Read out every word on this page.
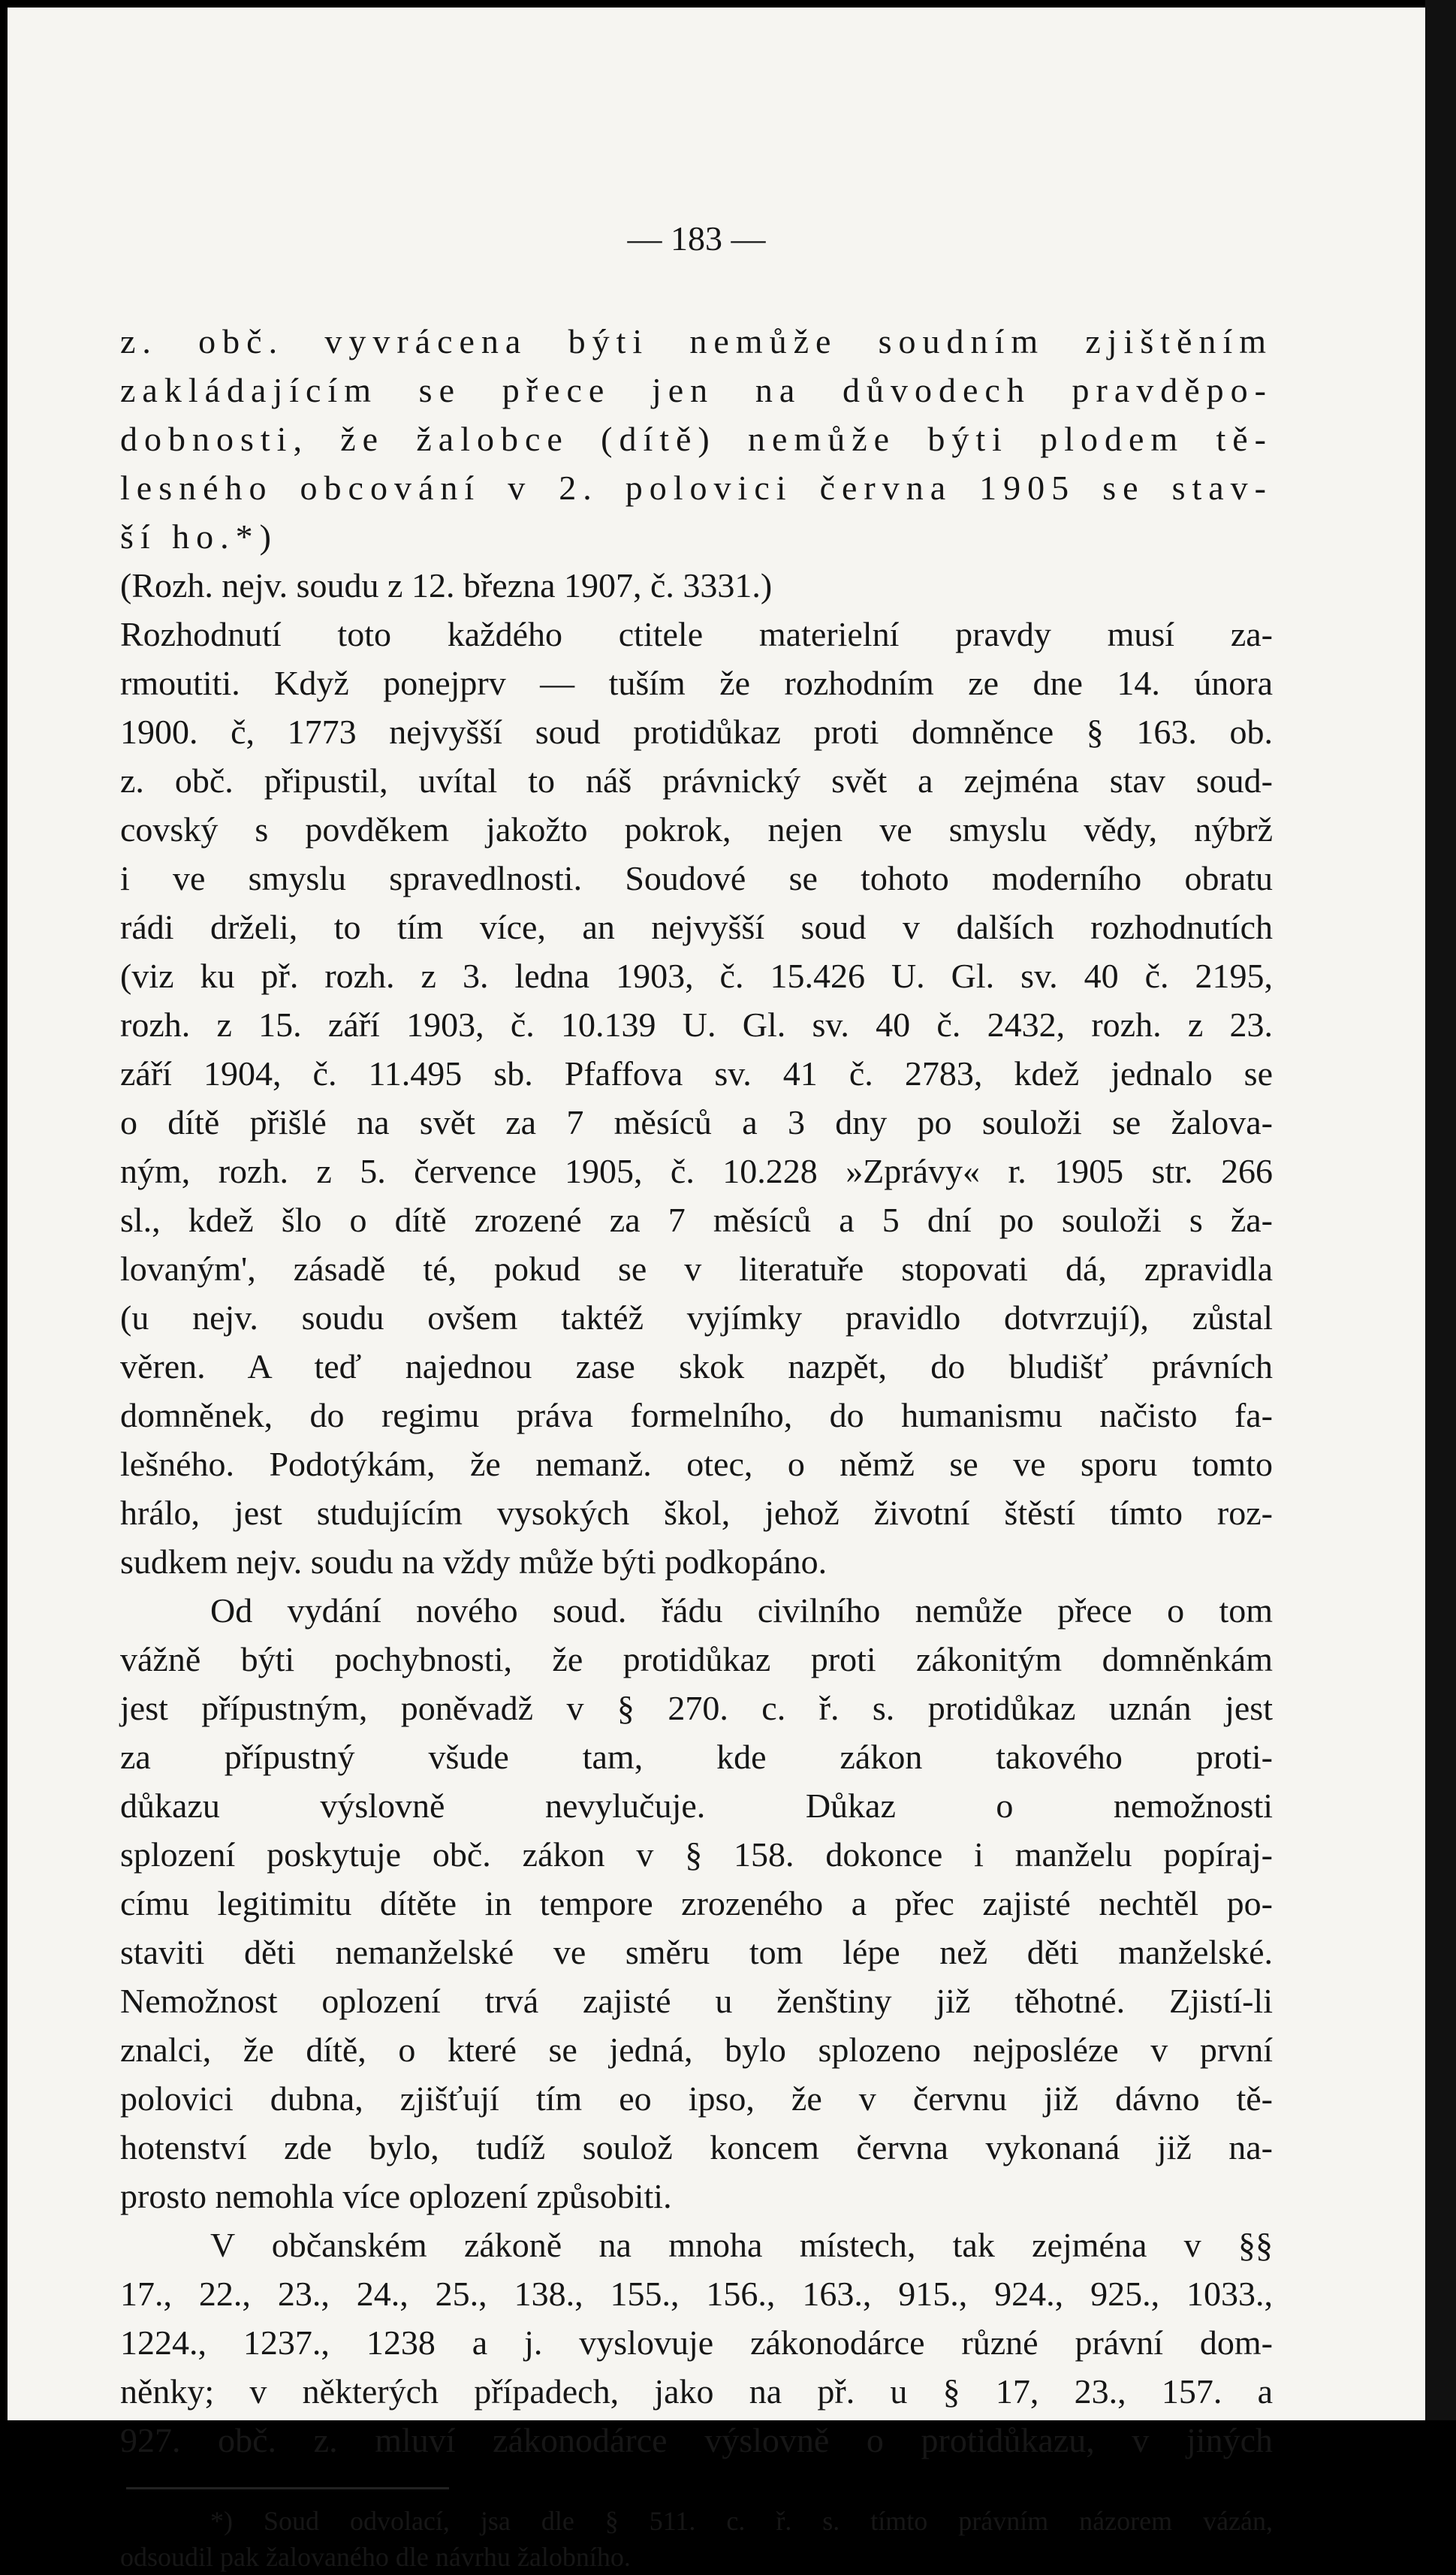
— 183 —

z. obč. vyvrácena býti nemůže soudním zjištěním
zakládajícím se přece jen na důvodech pravděpo-
dobnosti, že žalobce (dítě) nemůže býti plodem tě-
lesného obcování v 2. polovici června 1905 se stav-
ší ho.*)

(Rozh. nejv. soudu z 12. března 1907, č. 3331.)

Rozhodnutí toto každého ctitele materielní pravdy musí za-
rmoutiti. Když ponejprv — tuším že rozhodním ze dne 14. února
1900. č, 1773 nejvyšší soud protidůkaz proti domněnce § 163. ob.
z. obč. připustil, uvítal to náš právnický svět a zejména stav soud-
covský s povděkem jakožto pokrok, nejen ve smyslu vědy, nýbrž
i ve smyslu spravedlnosti. Soudové se tohoto moderního obratu
rádi drželi, to tím více, an nejvyšší soud v dalších rozhodnutích
(viz ku př. rozh. z 3. ledna 1903, č. 15.426 U. Gl. sv. 40 č. 2195,
rozh. z 15. září 1903, č. 10.139 U. Gl. sv. 40 č. 2432, rozh. z 23.
září 1904, č. 11.495 sb. Pfaffova sv. 41 č. 2783, kdež jednalo se
o dítě přišlé na svět za 7 měsíců a 3 dny po souloži se žalova-
ným, rozh. z 5. července 1905, č. 10.228 »Zprávy« r. 1905 str. 266
sl., kdež šlo o dítě zrozené za 7 měsíců a 5 dní po souloži s ža-
lovaným', zásadě té, pokud se v literatuře stopovati dá, zpravidla
(u nejv. soudu ovšem taktéž vyjímky pravidlo dotvrzují), zůstal
věren. A teď najednou zase skok nazpět, do bludišť právních
domněnek, do regimu práva formelního, do humanismu načisto fa-
lešného. Podotýkám, že nemanž. otec, o němž se ve sporu tomto
hrálo, jest studujícím vysokých škol, jehož životní štěstí tímto roz-
sudkem nejv. soudu na vždy může býti podkopáno.

Od vydání nového soud. řádu civilního nemůže přece o tom
vážně býti pochybnosti, že protidůkaz proti zákonitým domněnkám
jest přípustným, poněvadž v § 270. c. ř. s. protidůkaz uznán jest
za přípustný všude tam, kde zákon takového proti-
důkazu výslovně nevylučuje. Důkaz o nemožnosti
splození poskytuje obč. zákon v § 158. dokonce i manželu popíraj-
címu legitimitu dítěte in tempore zrozeného a přec zajisté nechtěl po-
staviti děti nemanželské ve směru tom lépe než děti manželské.
Nemožnost oplození trvá zajisté u ženštiny již těhotné. Zjistí-li
znalci, že dítě, o které se jedná, bylo splozeno nejposléze v první
polovici dubna, zjišťují tím eo ipso, že v červnu již dávno tě-
hotenství zde bylo, tudíž soulož koncem června vykonaná již na-
prosto nemohla více oplození způsobiti.

V občanském zákoně na mnoha místech, tak zejména v §§
17., 22., 23., 24., 25., 138., 155., 156., 163., 915., 924., 925., 1033.,
1224., 1237., 1238 a j. vyslovuje zákonodárce různé právní dom-
něnky; v některých případech, jako na př. u § 17, 23., 157. a
927. obč. z. mluví zákonodárce výslovně o protidůkazu, v jiných

*) Soud odvolací, jsa dle § 511. c. ř. s. tímto právním názorem vázán,
odsoudil pak žalovaného dle návrhu žalobního.
